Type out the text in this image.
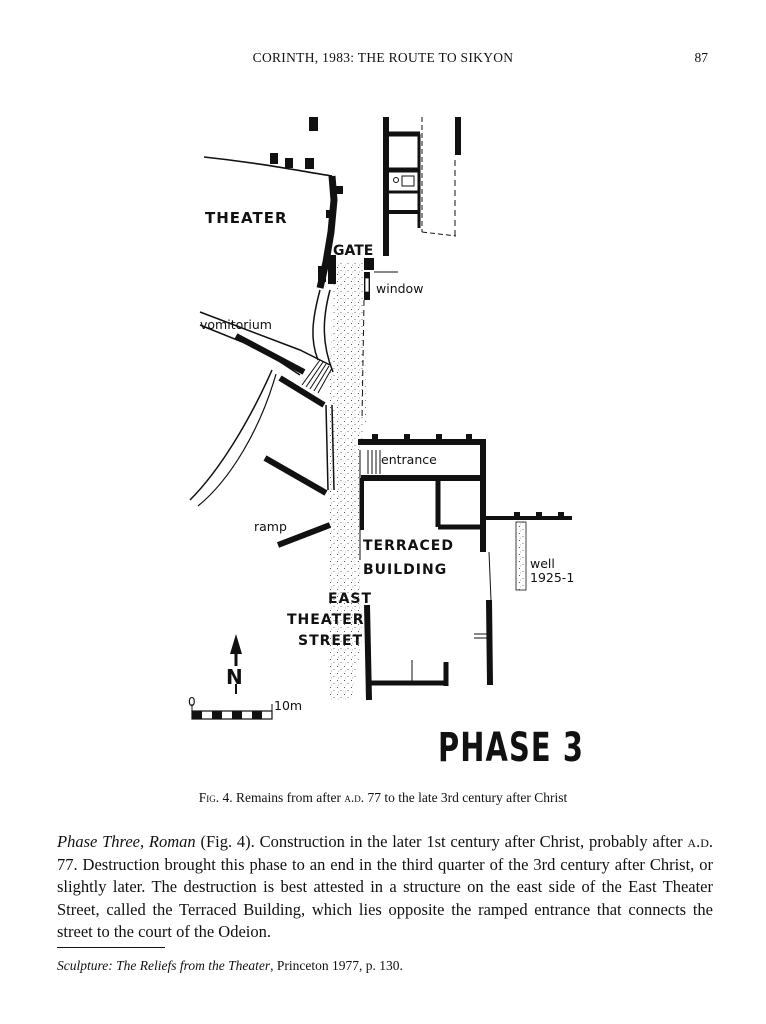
CORINTH, 1983: THE ROUTE TO SIKYON	87
THEATER
GATE
window
vomitorium
entrance
ramp
TERRACED
BUILDING	well
1925-1
EAST
THEATER
STREET
N
0	10m
PHASE 3
Fig. 4. Remains from after a.d. 77 to the late 3rd century after Christ

Phase Three, Roman (Fig. 4). Construction in the later 1st century after Christ, probably after a.d. 77. Destruction brought this phase to an end in the third quarter of the 3rd century after Christ, or slightly later. The destruction is best attested in a structure on the east side of the East Theater Street, called the Terraced Building, which lies opposite the ramped entrance that connects the street to the court of the Odeion.

Sculpture: The Reliefs from the Theater, Princeton 1977, p. 130.
